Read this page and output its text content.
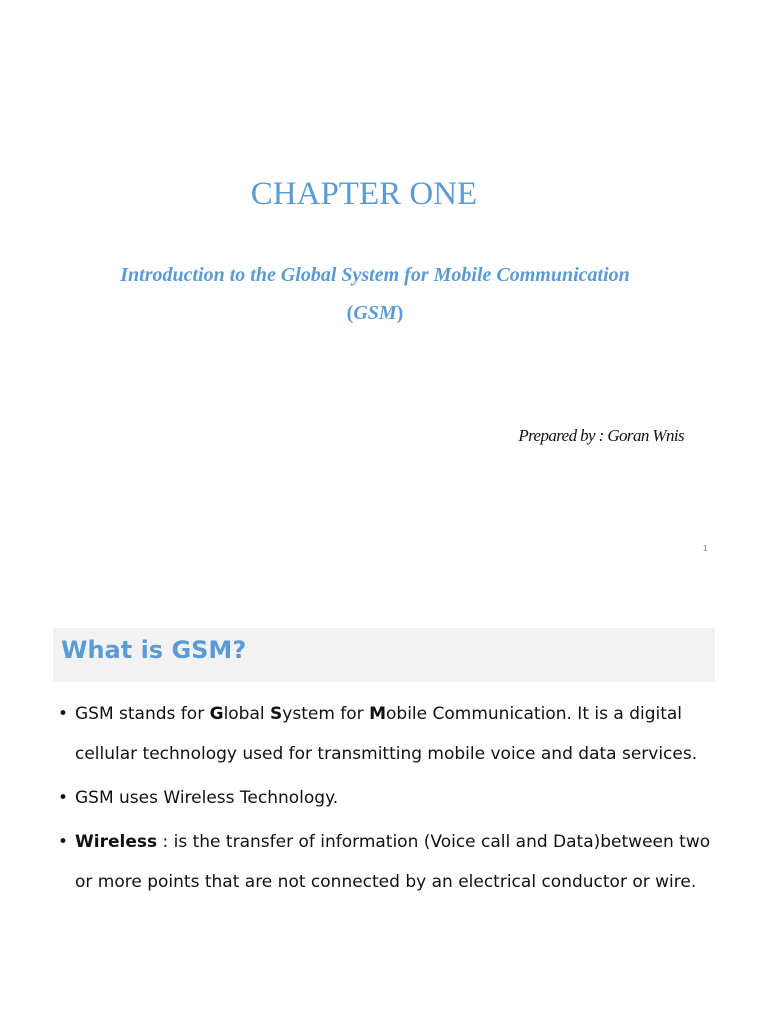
CHAPTER ONE

Introduction to the Global System for Mobile Communication
(GSM)

Prepared by : Goran Wnis
1
What is GSM?
• GSM stands for Global System for Mobile Communication. It is a digital cellular technology used for transmitting mobile voice and data services.
• GSM uses Wireless Technology.
• Wireless : is the transfer of information (Voice call and Data)between two or more points that are not connected by an electrical conductor or wire.
